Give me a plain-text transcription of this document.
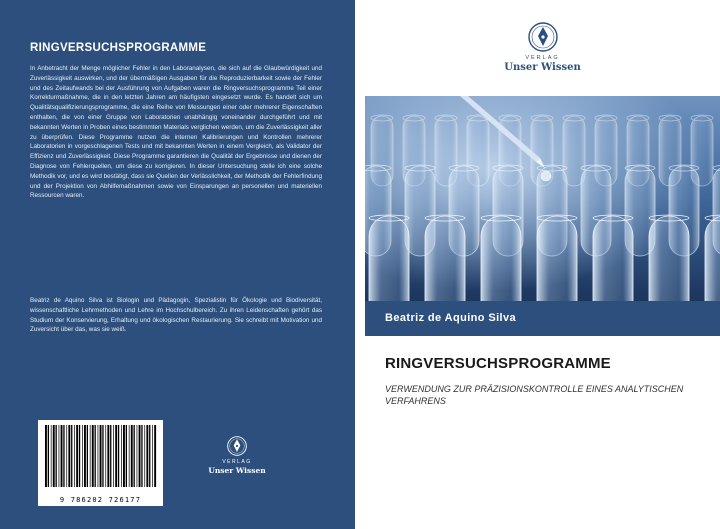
RINGVERSUCHSPROGRAMME
In Anbetracht der Menge möglicher Fehler in den Laboranalysen, die sich auf die Glaubwürdigkeit und Zuverlässigkeit auswirken, und der übermäßigen Ausgaben für die Reproduzierbarkeit sowie der Fehler und des Zeitaufwands bei der Ausführung von Aufgaben waren die Ringversuchsprogramme Teil einer Korrekturmaßnahme, die in den letzten Jahren am häufigsten eingesetzt wurde. Es handelt sich um Qualitätsqualifizierungsprogramme, die eine Reihe von Messungen einer oder mehrerer Eigenschaften enthalten, die von einer Gruppe von Laboratorien unabhängig voneinander durchgeführt und mit bekannten Werten in Proben eines bestimmten Materials verglichen werden, um die Zuverlässigkeit aller zu überprüfen. Diese Programme nutzen die internen Kalibrierungen und Kontrollen mehrerer Laboratorien in vorgeschlagenen Tests und mit bekannten Werten in einem Vergleich, als Validator der Effizienz und Zuverlässigkeit. Diese Programme garantieren die Qualität der Ergebnisse und dienen der Diagnose von Fehlerquellen, um diese zu korrigieren. In dieser Untersuchung stelle ich eine solche Methodik vor, und es wird bestätigt, dass sie Quellen der Verlässlichkeit, der Methodik der Fehlerfindung und der Projektion von Abhilfemaßnahmen sowie von Einsparungen an personellen und materiellen Ressourcen waren.
Beatriz de Aquino Silva ist Biologin und Pädagogin, Spezialistin für Ökologie und Biodiversität, wissenschaftliche Lehrmethoden und Lehre im Hochschulbereich. Zu ihren Leidenschaften gehört das Studium der Konservierung, Erhaltung und ökologischen Restaurierung. Sie schreibt mit Motivation und Zuversicht über das, was sie weiß.
9 786202 726177
VERLAG
Unser Wissen
VERLAG
Unser Wissen
Beatriz de Aquino Silva
RINGVERSUCHSPROGRAMME
VERWENDUNG ZUR PRÄZISIONSKONTROLLE EINES ANALYTISCHEN VERFAHRENS
